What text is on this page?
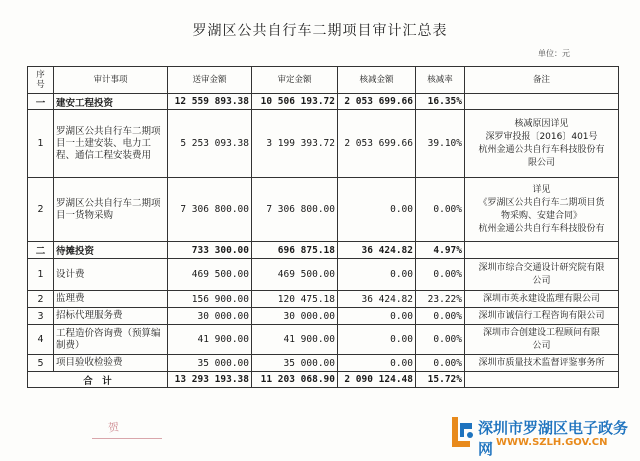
罗湖区公共自行车二期项目审计汇总表
单位：元
序
号	审计事项	送审金额	审定金额	核减金额	核减率	备注
一	建安工程投资	12 559 893.38	10 506 193.72	2 053 699.66	16.35%	
1	罗湖区公共自行车二期项目一土建安装、电力工程、通信工程安装费用	5 253 093.38	3 199 393.72	2 053 699.66	39.10%	核减原因详见
深罗审投报〔2016〕401号
杭州金通公共自行车科技股份有
限公司

2	罗湖区公共自行车二期项目一货物采购	7 306 800.00	7 306 800.00	0.00	0.00%	详见
《罗湖区公共自行车二期项目货
物采购、安建合同》
杭州金通公共自行车科技股份有

二	待摊投资	733 300.00	696 875.18	36 424.82	4.97%	
1	设计费	469 500.00	469 500.00	0.00	0.00%	深圳市综合交通设计研究院有限
公司

2	监理费	156 900.00	120 475.18	36 424.82	23.22%	深圳市英永建设监理有限公司

3	招标代理服务费	30 000.00	30 000.00	0.00	0.00%	深圳市诚信行工程咨询有限公司

4	工程造价咨询费（预算编制费）	41 900.00	41 900.00	0.00	0.00%	深圳市合创建设工程顾问有限
公司

5	项目验收检验费	35 000.00	35 000.00	0.00	0.00%	深圳市质量技术监督评鉴事务所

合　计		13 293 193.38	11 203 068.90	2 090 124.48	15.72%	
贺	深圳市罗湖区电子政务网 WWW.SZLH.GOV.CN
